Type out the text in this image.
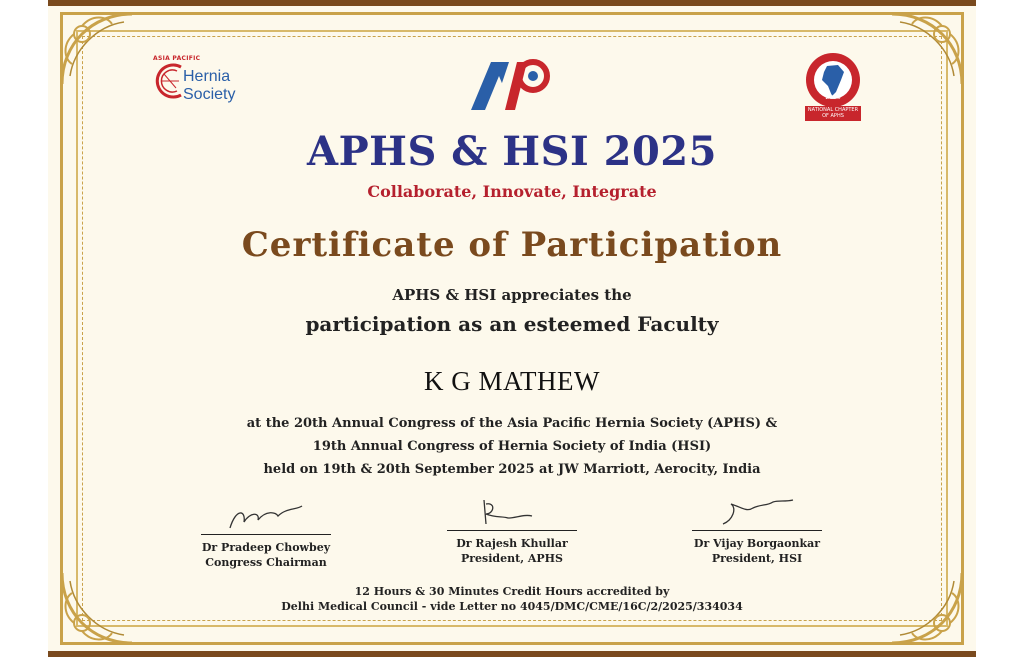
ASIA PACIFIC
Hernia
Society	2006
NATIONAL CHAPTER
OF APHS
APHS & HSI 2025
Collaborate, Innovate, Integrate
Certificate of Participation
APHS & HSI appreciates the
participation as an esteemed Faculty
K G MATHEW
at the 20th Annual Congress of the Asia Pacific Hernia Society (APHS) &
19th Annual Congress of Hernia Society of India (HSI)
held on 19th & 20th September 2025 at JW Marriott, Aerocity, India
Dr Pradeep Chowbey
Congress Chairman
Dr Rajesh Khullar
President, APHS
Dr Vijay Borgaonkar
President, HSI
12 Hours & 30 Minutes Credit Hours accredited by
Delhi Medical Council - vide Letter no 4045/DMC/CME/16C/2/2025/334034
